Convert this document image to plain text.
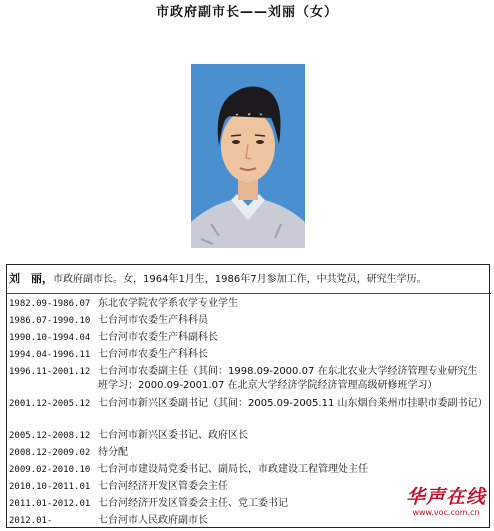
市政府副市长——刘丽（女）
刘　丽，市政府副市长。女，1964年1月生，1986年7月参加工作，中共党员，研究生学历。
1982.09-1986.07 东北农学院农学系农学专业学生
1986.07-1990.10 七台河市农委生产科科员
1990.10-1994.04 七台河市农委生产科副科长
1994.04-1996.11 七台河市农委生产科科长
1996.11-2001.12 七台河市农委副主任（其间：1998.09-2000.07 在东北农业大学经济管理专业研究生班学习；2000.09-2001.07 在北京大学经济学院经济管理高级研修班学习）
2001.12-2005.12 七台河市新兴区委副书记（其间：2005.09-2005.11 山东烟台莱州市挂职市委副书记）
2005.12-2008.12 七台河市新兴区委书记、政府区长
2008.12-2009.02 待分配
2009.02-2010.10 七台河市建设局党委书记、副局长，市政建设工程管理处主任
2010.10-2011.01 七台河经济开发区管委会主任
2011.01-2012.01 七台河经济开发区管委会主任、党工委书记
2012.01-	七台河市人民政府副市长
华声在线
www.voc.com.cn
